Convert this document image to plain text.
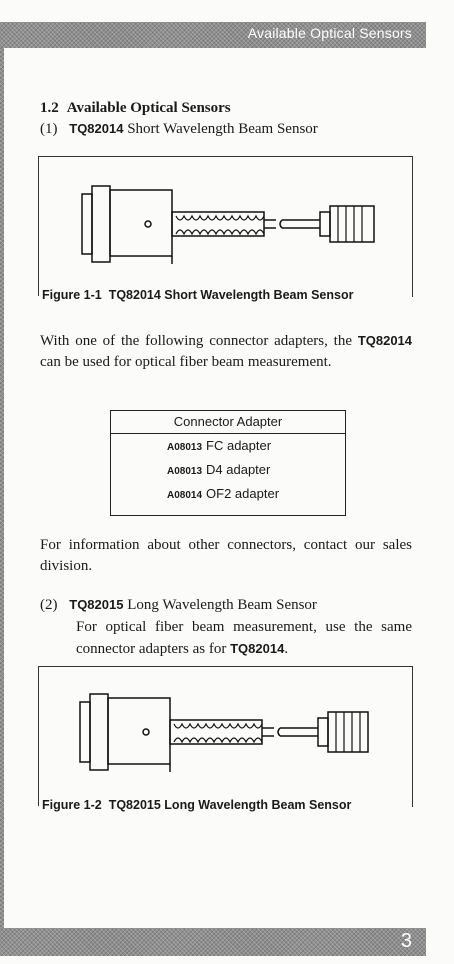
Available Optical Sensors
1.2 Available Optical Sensors
(1) TQ82014 Short Wavelength Beam Sensor
Figure 1-1 TQ82014 Short Wavelength Beam Sensor
With one of the following connector adapters, the TQ82014 can be used for optical fiber beam measurement.
Connector Adapter
A08013 FC adapter
A08013 D4 adapter
A08014 OF2 adapter
For information about other connectors, contact our sales division.
(2) TQ82015 Long Wavelength Beam Sensor
For optical fiber beam measurement, use the same connector adapters as for TQ82014.
Figure 1-2 TQ82015 Long Wavelength Beam Sensor
3
